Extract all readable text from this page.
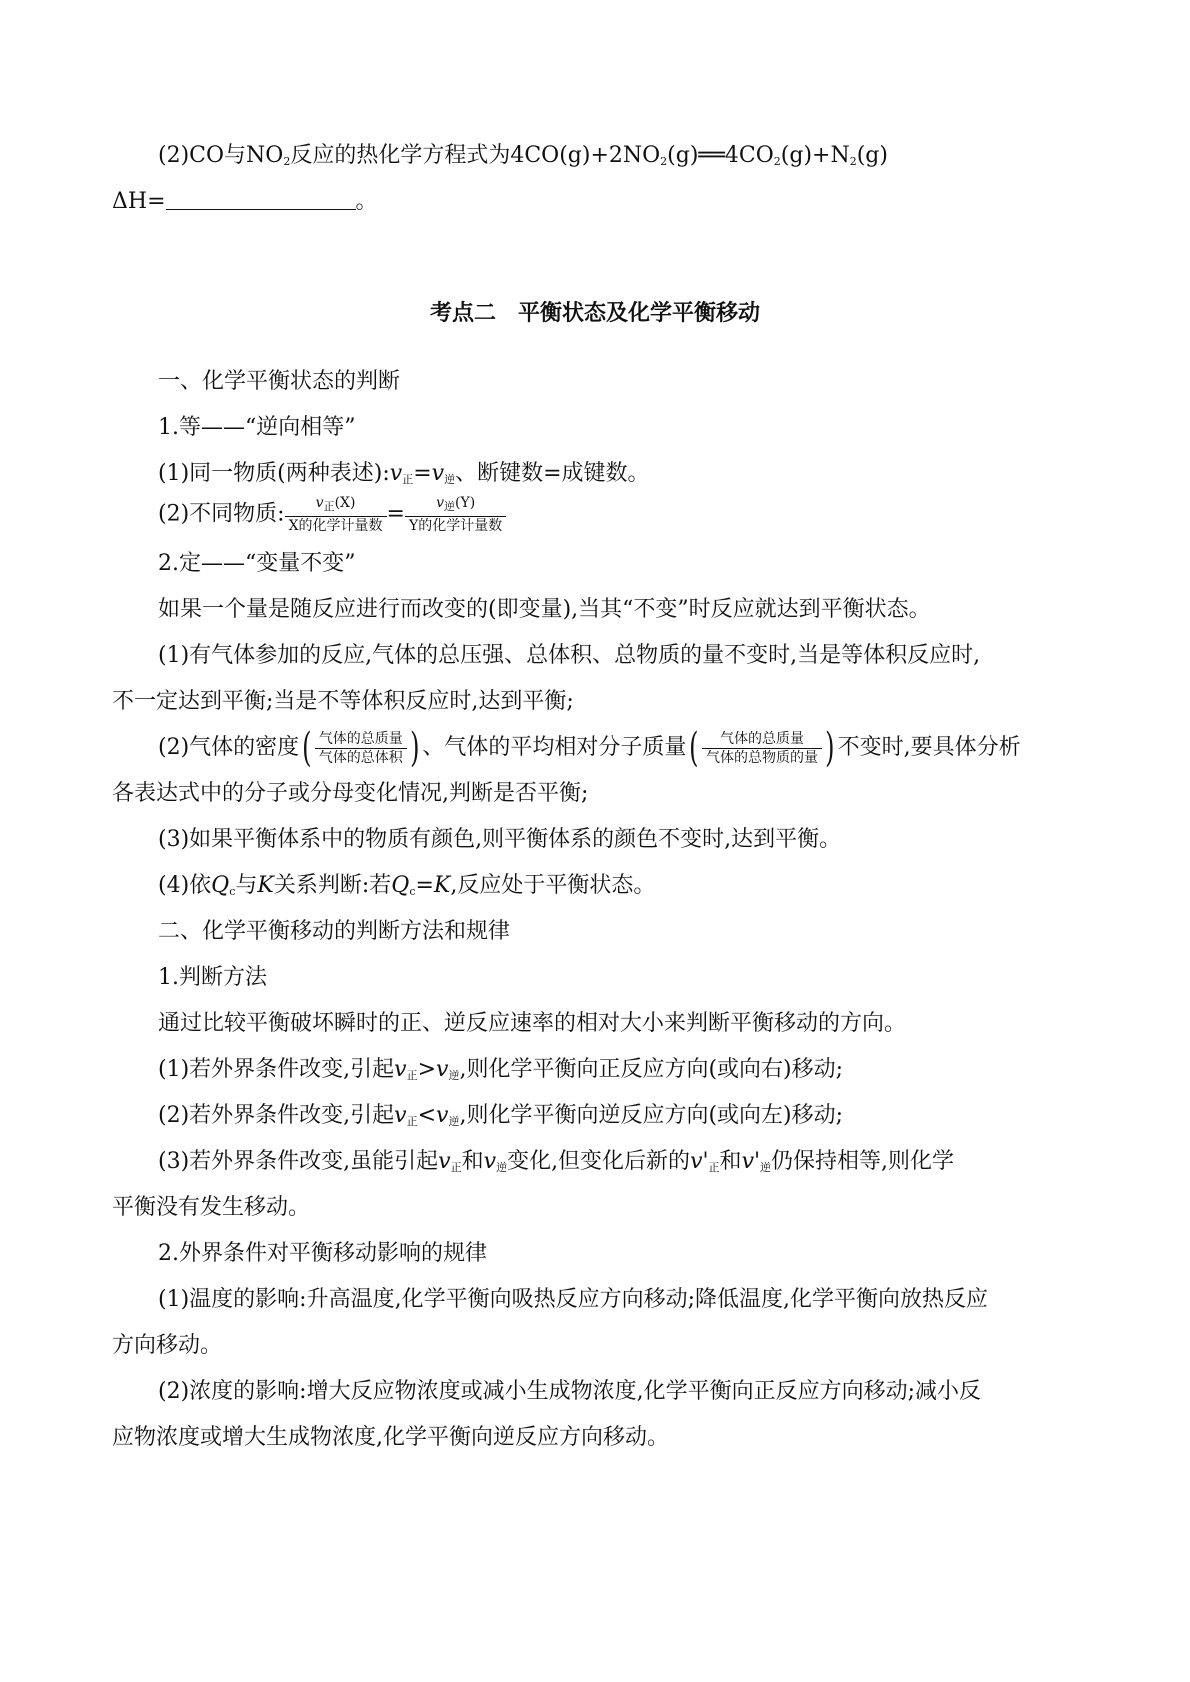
(2)CO与$NO_2$反应的热化学方程式为$4CO(g)+2NO_2(g)══4CO_2(g)+N_2(g)$
ΔH=	。
考点二　平衡状态及化学平衡移动
一、化学平衡状态的判断
1.等——“逆向相等”
(1)同一物质(两种表述)$:v_正=v_逆$、断键数=成键数。
(2)不同物质: $\frac{v_正(X)}{\text{X的化学计量数}} = \frac{v_逆(Y)}{\text{Y的化学计量数}}$
2.定——“变量不变”
如果一个量是随反应进行而改变的(即变量),当其“不变”时反应就达到平衡状态。
(1)有气体参加的反应,气体的总压强、总体积、总物质的量不变时,当是等体积反应时,
不一定达到平衡;当是不等体积反应时,达到平衡;
(2)气体的密度( $\frac{\text{气体的总质量}}{\text{气体的总体积}}$ ) 、气体的平均相对分子质量( $\frac{\text{气体的总质量}}{\text{气体的总物质的量}}$ ) 不变时,要具体分析
各表达式中的分子或分母变化情况,判断是否平衡;
(3)如果平衡体系中的物质有颜色,则平衡体系的颜色不变时,达到平衡。
(4)依$Q_c$与K关系判断:若$Q_c=K$,反应处于平衡状态。
二、化学平衡移动的判断方法和规律
1.判断方法
通过比较平衡破坏瞬时的正、逆反应速率的相对大小来判断平衡移动的方向。
(1)若外界条件改变,引起$v_正>v_逆$,则化学平衡向正反应方向(或向右)移动;
(2)若外界条件改变,引起$v_正<v_逆$,则化学平衡向逆反应方向(或向左)移动;
(3)若外界条件改变,虽能引起$v_正$和$v_逆$变化,但变化后新的$v'_正$和$v'_逆$仍保持相等,则化学
平衡没有发生移动。
2.外界条件对平衡移动影响的规律
(1)温度的影响:升高温度,化学平衡向吸热反应方向移动;降低温度,化学平衡向放热反应
方向移动。
(2)浓度的影响:增大反应物浓度或减小生成物浓度,化学平衡向正反应方向移动;减小反
应物浓度或增大生成物浓度,化学平衡向逆反应方向移动。
